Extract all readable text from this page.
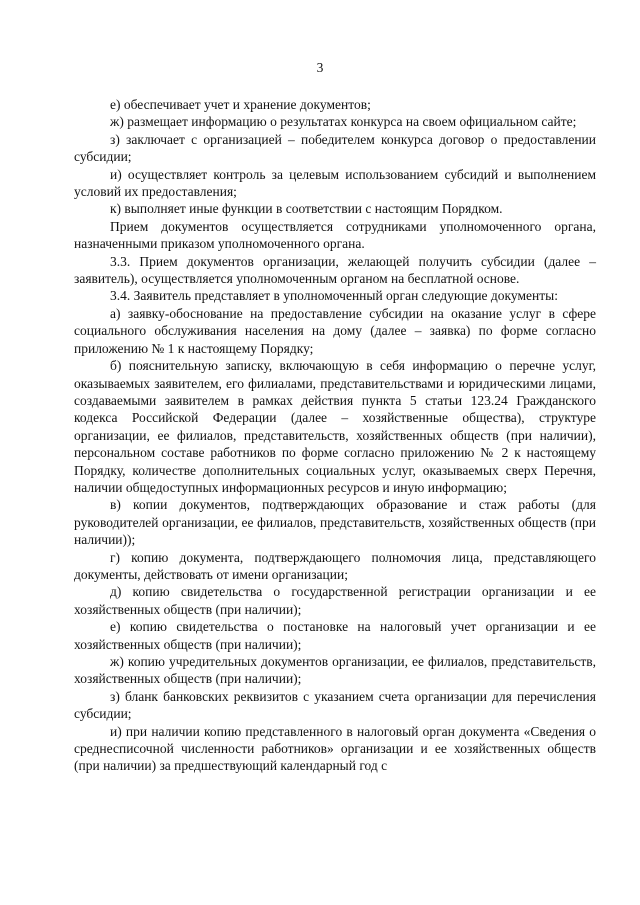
3

е) обеспечивает учет и хранение документов;

ж) размещает информацию о результатах конкурса на своем официальном сайте;

з) заключает с организацией – победителем конкурса договор о предоставлении субсидии;

и) осуществляет контроль за целевым использованием субсидий и выполнением условий их предоставления;

к) выполняет иные функции в соответствии с настоящим Порядком.

Прием документов осуществляется сотрудниками уполномоченного органа, назначенными приказом уполномоченного органа.

3.3. Прием документов организации, желающей получить субсидии (далее – заявитель), осуществляется уполномоченным органом на бесплатной основе.

3.4. Заявитель представляет в уполномоченный орган следующие документы:

а) заявку-обоснование на предоставление субсидии на оказание услуг в сфере социального обслуживания населения на дому (далее – заявка) по форме согласно приложению № 1 к настоящему Порядку;

б) пояснительную записку, включающую в себя информацию о перечне услуг, оказываемых заявителем, его филиалами, представительствами и юридическими лицами, создаваемыми заявителем в рамках действия пункта 5 статьи 123.24 Гражданского кодекса Российской Федерации (далее – хозяйственные общества), структуре организации, ее филиалов, представительств, хозяйственных обществ (при наличии), персональном составе работников по форме согласно приложению № 2 к настоящему Порядку, количестве дополнительных социальных услуг, оказываемых сверх Перечня, наличии общедоступных информационных ресурсов и иную информацию;

в) копии документов, подтверждающих образование и стаж работы (для руководителей организации, ее филиалов, представительств, хозяйственных обществ (при наличии));

г) копию документа, подтверждающего полномочия лица, представляющего документы, действовать от имени организации;

д) копию свидетельства о государственной регистрации организации и ее хозяйственных обществ (при наличии);

е) копию свидетельства о постановке на налоговый учет организации и ее хозяйственных обществ (при наличии);

ж) копию учредительных документов организации, ее филиалов, представительств, хозяйственных обществ (при наличии);

з) бланк банковских реквизитов с указанием счета организации для перечисления субсидии;

и) при наличии копию представленного в налоговый орган документа «Сведения о среднесписочной численности работников» организации и ее хозяйственных обществ (при наличии) за предшествующий календарный год с
